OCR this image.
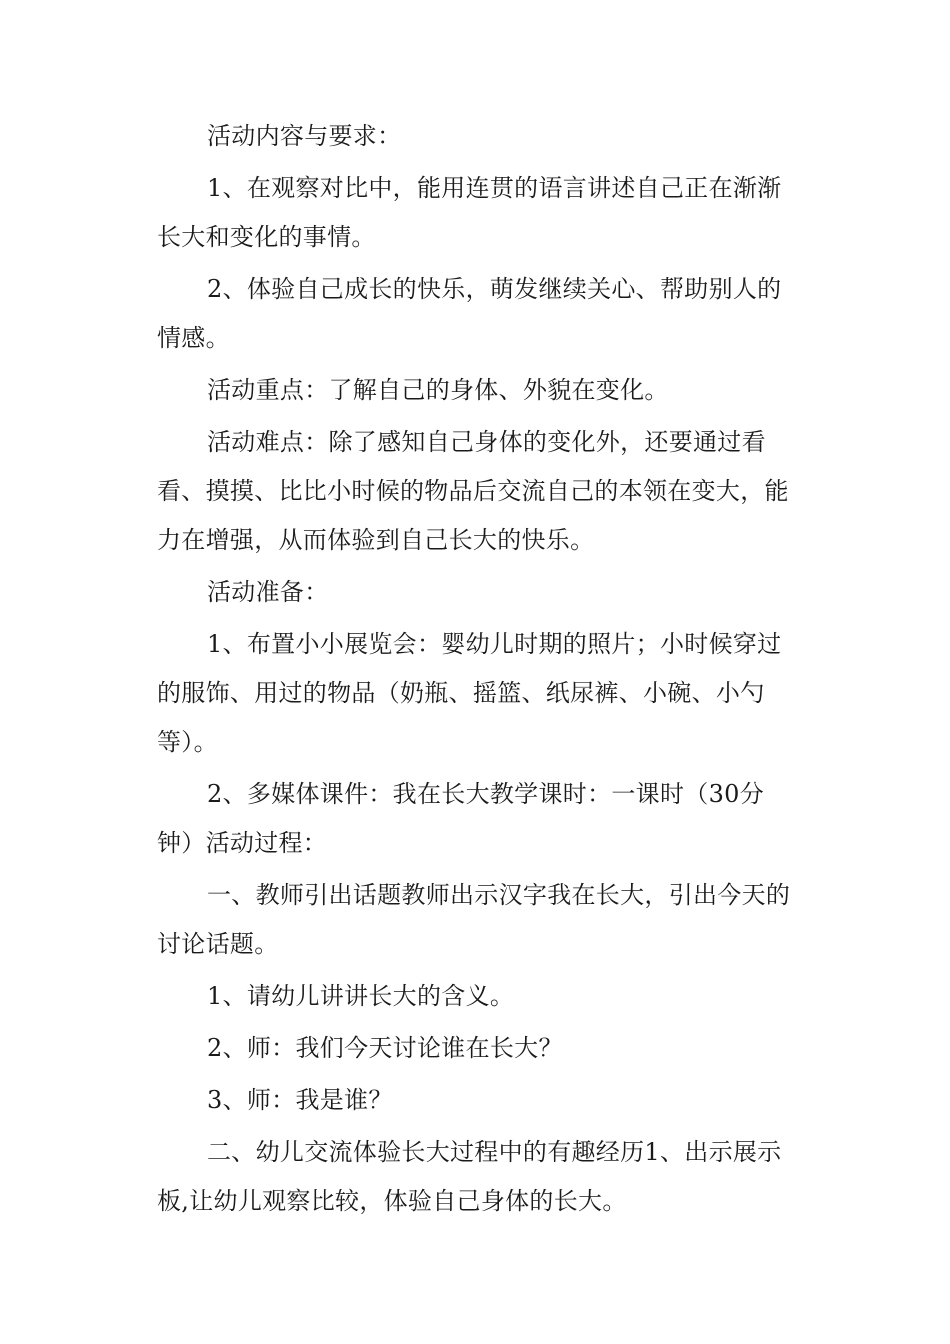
活动内容与要求：

1、在观察对比中，能用连贯的语言讲述自己正在渐渐长大和变化的事情。

2、体验自己成长的快乐，萌发继续关心、帮助别人的情感。

活动重点：了解自己的身体、外貌在变化。

活动难点：除了感知自己身体的变化外，还要通过看看、摸摸、比比小时候的物品后交流自己的本领在变大，能力在增强，从而体验到自己长大的快乐。

活动准备：

1、布置小小展览会：婴幼儿时期的照片；小时候穿过的服饰、用过的物品（奶瓶、摇篮、纸尿裤、小碗、小勺等）。

2、多媒体课件：我在长大教学课时：一课时（30分钟）活动过程：

一、教师引出话题教师出示汉字我在长大，引出今天的讨论话题。

1、请幼儿讲讲长大的含义。

2、师：我们今天讨论谁在长大？

3、师：我是谁？

二、幼儿交流体验长大过程中的有趣经历1、出示展示板,让幼儿观察比较，体验自己身体的长大。
